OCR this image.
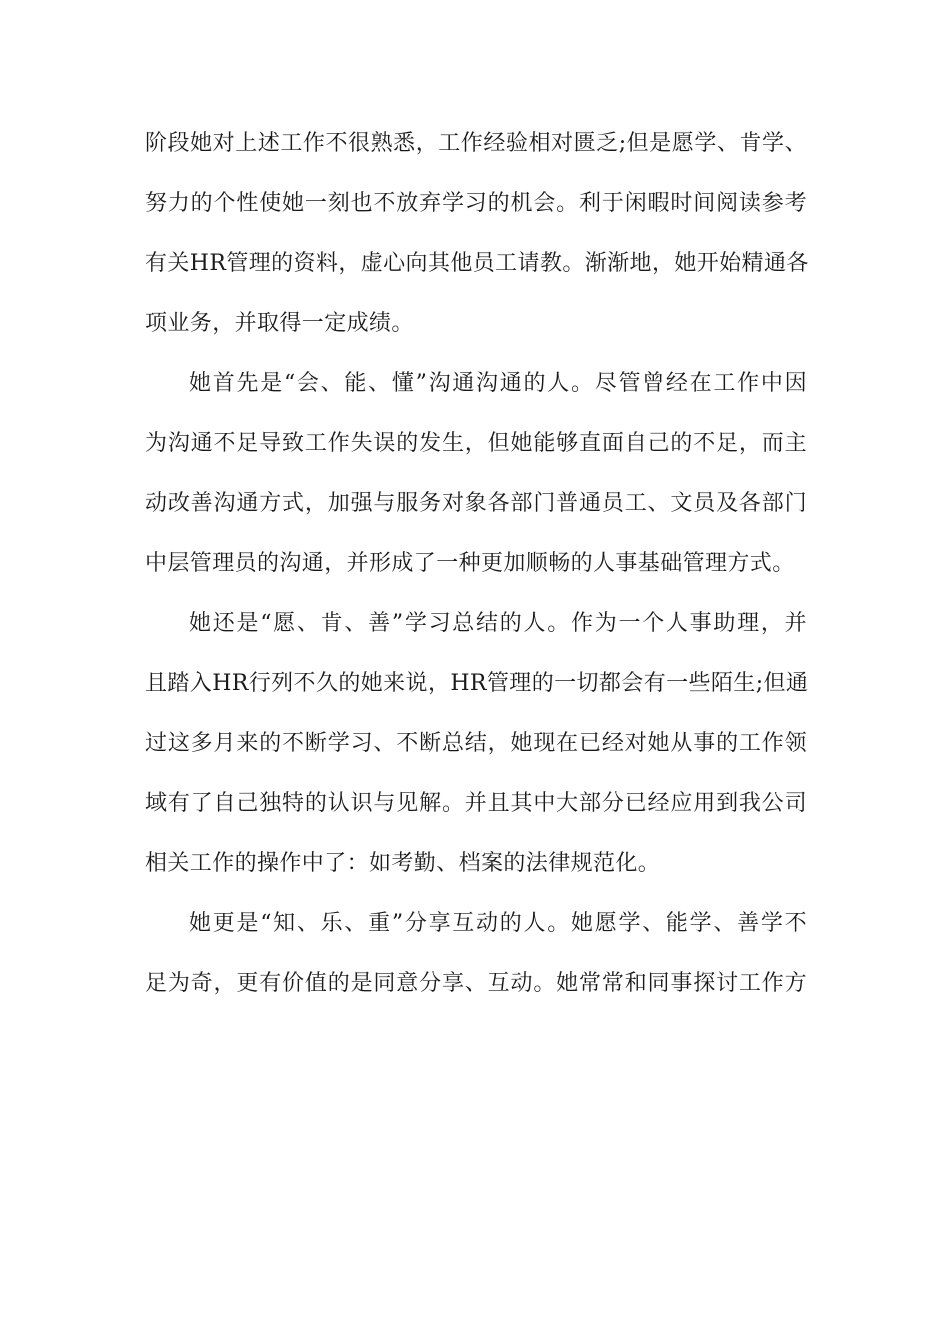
阶段她对上述工作不很熟悉，工作经验相对匮乏;但是愿学、肯学、
努力的个性使她一刻也不放弃学习的机会。利于闲暇时间阅读参考
有关HR管理的资料，虚心向其他员工请教。渐渐地，她开始精通各
项业务，并取得一定成绩。
她首先是“会、能、懂”沟通沟通的人。尽管曾经在工作中因
为沟通不足导致工作失误的发生，但她能够直面自己的不足，而主
动改善沟通方式，加强与服务对象各部门普通员工、文员及各部门
中层管理员的沟通，并形成了一种更加顺畅的人事基础管理方式。
她还是“愿、肯、善”学习总结的人。作为一个人事助理，并
且踏入HR行列不久的她来说，HR管理的一切都会有一些陌生;但通
过这多月来的不断学习、不断总结，她现在已经对她从事的工作领
域有了自己独特的认识与见解。并且其中大部分已经应用到我公司
相关工作的操作中了：如考勤、档案的法律规范化。
她更是“知、乐、重”分享互动的人。她愿学、能学、善学不
足为奇，更有价值的是同意分享、互动。她常常和同事探讨工作方
